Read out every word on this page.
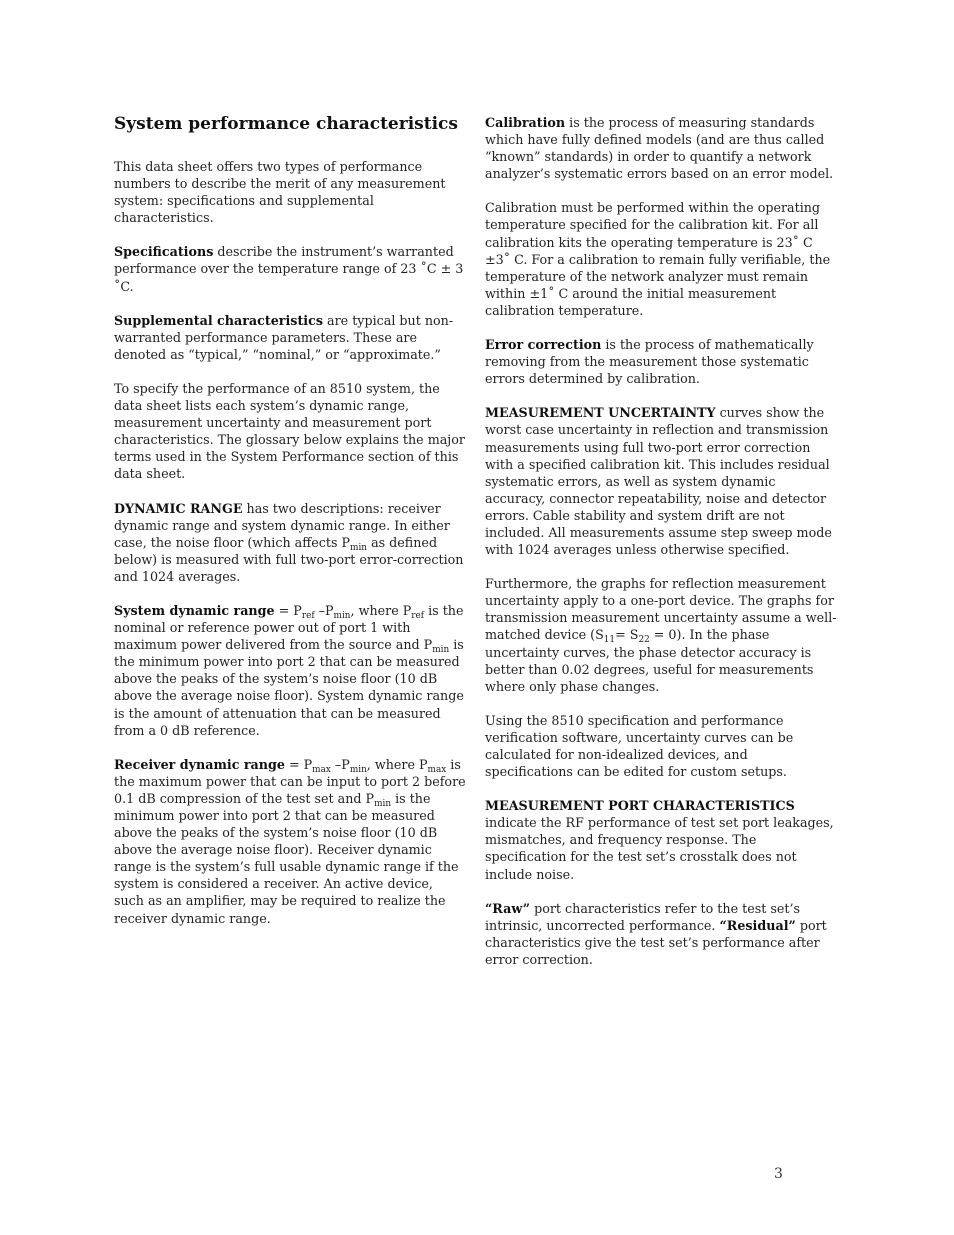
System performance characteristics

This data sheet offers two types of performance numbers to describe the merit of any measurement system: specifications and supplemental characteristics.

Specifications describe the instrument’s warranted performance over the temperature range of 23 ˚C ± 3 ˚C.

Supplemental characteristics are typical but non-warranted performance parameters. These are denoted as “typical,” “nominal,” or “approximate.”

To specify the performance of an 8510 system, the data sheet lists each system’s dynamic range, measurement uncertainty and measurement port characteristics. The glossary below explains the major terms used in the System Performance section of this data sheet.

DYNAMIC RANGE has two descriptions: receiver dynamic range and system dynamic range. In either case, the noise floor (which affects $P_{min}$ as defined below) is measured with full two-port error-correction and 1024 averages.

System dynamic range = $P_{ref}$ $-P_{min}$, where $P_{ref}$ is the nominal or reference power out of port 1 with maximum power delivered from the source and $P_{min}$ is the minimum power into port 2 that can be measured above the peaks of the system’s noise floor (10 dB above the average noise floor). System dynamic range is the amount of attenuation that can be measured from a 0 dB reference.

Receiver dynamic range = $P_{max}$ $-P_{min}$, where $P_{max}$ is the maximum power that can be input to port 2 before 0.1 dB compression of the test set and $P_{min}$ is the minimum power into port 2 that can be measured above the peaks of the system’s noise floor (10 dB above the average noise floor). Receiver dynamic range is the system’s full usable dynamic range if the system is considered a receiver. An active device, such as an amplifier, may be required to realize the receiver dynamic range.

Calibration is the process of measuring standards which have fully defined models (and are thus called “known” standards) in order to quantify a network analyzer’s systematic errors based on an error model.

Calibration must be performed within the operating temperature specified for the calibration kit. For all calibration kits the operating temperature is 23˚ C ±3˚ C. For a calibration to remain fully verifiable, the temperature of the network analyzer must remain within ±1˚ C around the initial measurement calibration temperature.

Error correction is the process of mathematically removing from the measurement those systematic errors determined by calibration.

MEASUREMENT UNCERTAINTY curves show the worst case uncertainty in reflection and transmission measurements using full two-port error correction with a specified calibration kit. This includes residual systematic errors, as well as system dynamic accuracy, connector repeatability, noise and detector errors. Cable stability and system drift are not included. All measurements assume step sweep mode with 1024 averages unless otherwise specified.

Furthermore, the graphs for reflection measurement uncertainty apply to a one-port device. The graphs for transmission measurement uncertainty assume a well-matched device $(S_{11}= S_{22} = 0)$. In the phase uncertainty curves, the phase detector accuracy is better than 0.02 degrees, useful for measurements where only phase changes.

Using the 8510 specification and performance verification software, uncertainty curves can be calculated for non-idealized devices, and specifications can be edited for custom setups.

MEASUREMENT PORT CHARACTERISTICS indicate the RF performance of test set port leakages, mismatches, and frequency response. The specification for the test set’s crosstalk does not include noise.

“Raw” port characteristics refer to the test set’s intrinsic, uncorrected performance. “Residual” port characteristics give the test set’s performance after error correction.

3
